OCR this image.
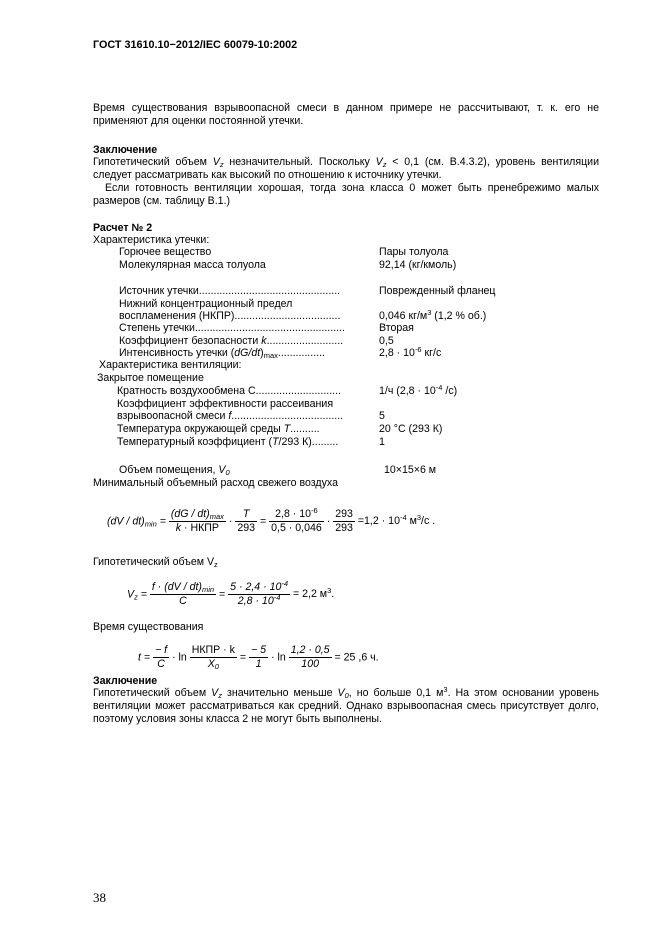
ГОСТ 31610.10−2012/IEC 60079-10:2002
Время существования взрывоопасной смеси в данном примере не рассчитывают, т. к. его не применяют для оценки постоянной утечки.
Заключение
Гипотетический объем $V_z$ незначительный. Поскольку $V_z < 0,1$ (см. В.4.3.2), уровень вентиляции следует рассматривать как высокий по отношению к источнику утечки.
Если готовность вентиляции хорошая, тогда зона класса 0 может быть пренебрежимо малых размеров (см. таблицу В.1.)
Расчет № 2
Характеристика утечки:
Горючее вещество	Пары толуола
Молекулярная масса толуола	92,14 (кг/кмоль)
Источник утечки................................................	Поврежденный фланец
Нижний концентрационный предел
воспламенения (НКПР)....................................	0,046 $кг/м^3$ (1,2 % об.)
Степень утечки...................................................	Вторая
Коэффициент безопасности k..........................	0,5
Интенсивность утечки $(dG/dt)_{max}$................	$2,8 \cdot 10^{-6}$ кг/с
Характеристика вентиляции:
Закрытое помещение
Кратность воздухообмена С.............................	1/ч ($2,8 \cdot 10^{-4}$ /с)
Коэффициент эффективности рассеивания
взрывоопасной смеси f......................................	5
Температура окружающей среды T..........	20 °С (293 К)
Температурный коэффициент (T/293 К).........	1
Объем помещения, $V_0$	10×15×6 м
Минимальный объемный расход свежего воздуха
$(dV / dt)_{min} = \frac{(dG / dt)_{max}}{\text{k · НКПР}} \cdot \frac{T}{293} = \frac{2,8 \cdot 10^{-6}}{0,5 \cdot 0,046} \cdot \frac{293}{293} =1,2 \cdot 10^{-4}$ $м^3/с$ .
Гипотетический объем $V_z$
$V_z = \frac{f \cdot (dV / dt)_{min}}{C} = \frac{5 \cdot 2,4 \cdot 10^{-4}}{2,8 \cdot 10^{-4}} = 2,2$ $м^3$.
Время существования
$t = \frac{- f}{C} \cdot \ln \frac{\text{НКПР · k}}{X_0} = \frac{- 5}{1} \cdot \ln \frac{1,2 \cdot 0,5}{100} = 25$ ,6 ч.
Заключение
Гипотетический объем $V_z$ значительно меньше $V_0$, но больше 0,1 $м^3$. На этом основании уровень вентиляции может рассматриваться как средний. Однако взрывоопасная смесь присутствует долго, поэтому условия зоны класса 2 не могут быть выполнены.
38
